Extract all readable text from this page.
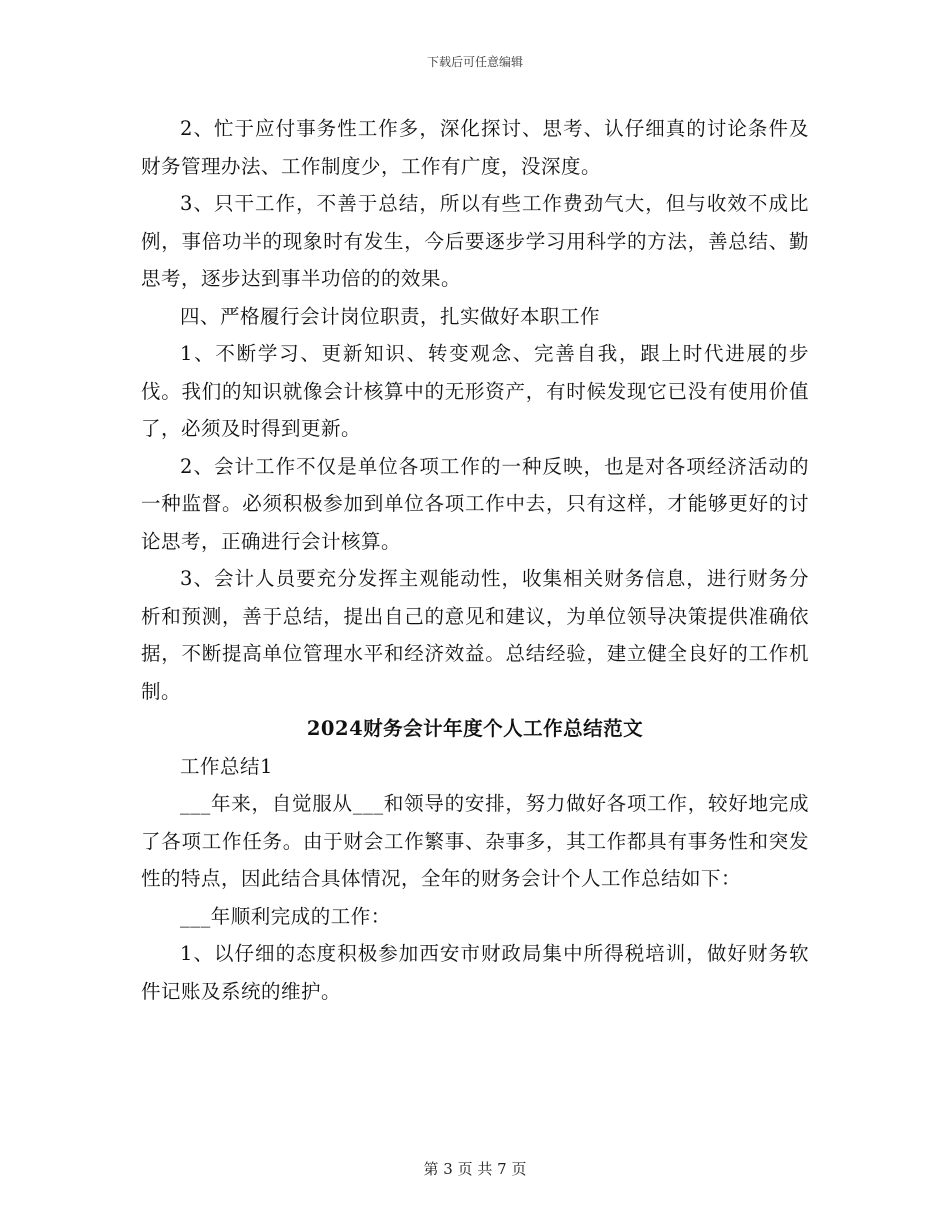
下载后可任意编辑

2、忙于应付事务性工作多，深化探讨、思考、认仔细真的讨论条件及财务管理办法、工作制度少，工作有广度，没深度。

3、只干工作，不善于总结，所以有些工作费劲气大，但与收效不成比例，事倍功半的现象时有发生，今后要逐步学习用科学的方法，善总结、勤思考，逐步达到事半功倍的的效果。

四、严格履行会计岗位职责，扎实做好本职工作

1、不断学习、更新知识、转变观念、完善自我，跟上时代进展的步伐。我们的知识就像会计核算中的无形资产，有时候发现它已没有使用价值了，必须及时得到更新。

2、会计工作不仅是单位各项工作的一种反映，也是对各项经济活动的一种监督。必须积极参加到单位各项工作中去，只有这样，才能够更好的讨论思考，正确进行会计核算。

3、会计人员要充分发挥主观能动性，收集相关财务信息，进行财务分析和预测，善于总结，提出自己的意见和建议，为单位领导决策提供准确依据，不断提高单位管理水平和经济效益。总结经验，建立健全良好的工作机制。

2024财务会计年度个人工作总结范文

工作总结1

___年来，自觉服从___和领导的安排，努力做好各项工作，较好地完成了各项工作任务。由于财会工作繁事、杂事多，其工作都具有事务性和突发性的特点，因此结合具体情况，全年的财务会计个人工作总结如下：

___年顺利完成的工作：

1、以仔细的态度积极参加西安市财政局集中所得税培训，做好财务软件记账及系统的维护。

第 3 页 共 7 页
